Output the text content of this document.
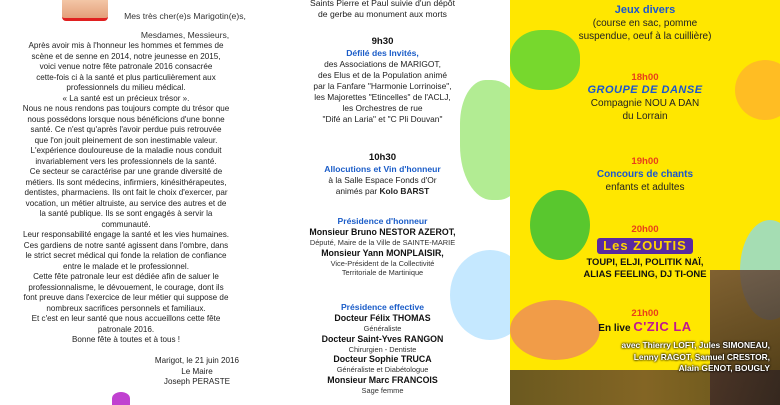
Mes très cher(e)s Marigotin(e)s,

Mesdames, Messieurs,

Après avoir mis à l'honneur les hommes et femmes de

scène et de senne en 2014, notre jeunesse en 2015,

voici venue notre fête patronale 2016 consacrée

cette-fois ci à la santé et plus particulièrement aux

professionnels du milieu médical.

« La santé est un précieux trésor ».

Nous ne nous rendons pas toujours compte du trésor que

nous possédons lorsque nous bénéficions d'une bonne

santé. Ce n'est qu'après l'avoir perdue puis retrouvée

que l'on jouit pleinement de son inestimable valeur.

L'expérience douloureuse de la maladie nous conduit

invariablement vers les professionnels de la santé.

Ce secteur se caractérise par une grande diversité de

métiers. Ils sont médecins, infirmiers, kinésithérapeutes,

dentistes, pharmaciens. Ils ont fait le choix d'exercer, par

vocation, un métier altruiste, au service des autres et de

la santé publique. Ils se sont engagés à servir la

communauté.

Leur responsabilité engage la santé et les vies humaines.

Ces gardiens de notre santé agissent dans l'ombre, dans

le strict secret médical qui fonde la relation de confiance

entre le malade et le professionnel.

Cette fête patronale leur est dédiée afin de saluer le

professionnalisme, le dévouement, le courage, dont ils

font preuve dans l'exercice de leur métier qui suppose de

nombreux sacrifices personnels et familiaux.

Et c'est en leur santé que nous accueillons cette fête

patronale 2016.

Bonne fête à toutes et à tous !

Marigot, le 21 juin 2016

Le Maire

Joseph PERASTE

Saints Pierre et Paul suivie d'un dépôt

de gerbe au monument aux morts

9h30

Défilé des Invités,

des Associations de MARIGOT,

des Elus et de la Population animé

par la Fanfare "Harmonie Lorrinoise",

les Majorettes "Etincelles" de l'ACLJ,

les Orchestres de rue

"Difé an Laria" et "C Pli Douvan"

10h30

Allocutions et Vin d'honneur

à la Salle Espace Fonds d'Or

animés par Kolo BARST

Présidence d'honneur

Monsieur Bruno NESTOR AZEROT,

Député, Maire de la Ville de SAINTE-MARIE

Monsieur Yann MONPLAISIR,

Vice-Président de la Collectivité
Territoriale de Martinique

Présidence effective

Docteur Félix THOMAS

Généraliste

Docteur Saint-Yves RANGON

Chirurgien - Dentiste

Docteur Sophie TRUCA

Généraliste et Diabétologue

Monsieur Marc FRANCOIS

Sage femme

Jeux divers

(course en sac, pomme

suspendue, oeuf à la cuillière)

18h00

GROUPE DE DANSE

Compagnie NOU A DAN

du Lorrain

19h00

Concours de chants

enfants et adultes

20h00

Les ZOUTIS

TOUPI, ELJI, POLITIK NAÏ,

ALIAS FEELING, DJ TI-ONE

21h00

En live C'ZIC LA

avec Thierry LOFT, Jules SIMONEAU,

Lenny RAGOT, Samuel CRESTOR,

Alain GENOT, BOUGLY
